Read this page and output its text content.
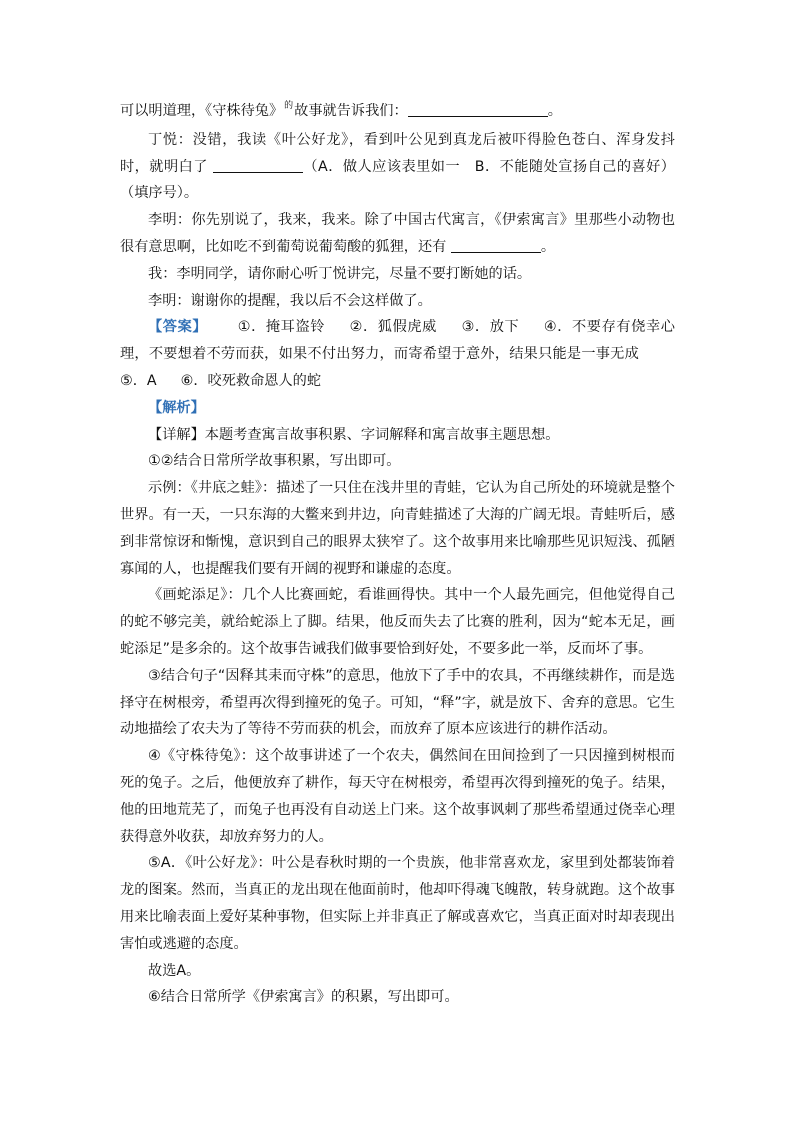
可以明道理，《守株待兔》$^的$故事就告诉我们：	。

丁悦：没错，我读《叶公好龙》，看到叶公见到真龙后被吓得脸色苍白、浑身发抖时，就明白了	（A．做人应该表里如一　B．不能随处宣扬自己的喜好）（填序号）。

李明：你先别说了，我来，我来。除了中国古代寓言，《伊索寓言》里那些小动物也很有意思啊，比如吃不到葡萄说葡萄酸的狐狸，还有	。

我：李明同学，请你耐心听丁悦讲完，尽量不要打断她的话。

李明：谢谢你的提醒，我以后不会这样做了。

【答案】 ①．掩耳盗铃 ②．狐假虎威 ③．放下 ④．不要存有侥幸心理，不要想着不劳而获，如果不付出努力，而寄希望于意外，结果只能是一事无成⑤．A ⑥．咬死救命恩人的蛇

【解析】

【详解】本题考查寓言故事积累、字词解释和寓言故事主题思想。

①②结合日常所学故事积累，写出即可。

示例：《井底之蛙》：描述了一只住在浅井里的青蛙，它认为自己所处的环境就是整个世界。有一天，一只东海的大鳖来到井边，向青蛙描述了大海的广阔无垠。青蛙听后，感到非常惊讶和惭愧，意识到自己的眼界太狭窄了。这个故事用来比喻那些见识短浅、孤陋寡闻的人，也提醒我们要有开阔的视野和谦虚的态度。

《画蛇添足》：几个人比赛画蛇，看谁画得快。其中一个人最先画完，但他觉得自己的蛇不够完美，就给蛇添上了脚。结果，他反而失去了比赛的胜利，因为“蛇本无足，画蛇添足”是多余的。这个故事告诫我们做事要恰到好处，不要多此一举，反而坏了事。

③结合句子“因释其耒而守株”的意思，他放下了手中的农具，不再继续耕作，而是选择守在树根旁，希望再次得到撞死的兔子。可知，“释”字，就是放下、舍弃的意思。它生动地描绘了农夫为了等待不劳而获的机会，而放弃了原本应该进行的耕作活动。

④《守株待兔》：这个故事讲述了一个农夫，偶然间在田间捡到了一只因撞到树根而死的兔子。之后，他便放弃了耕作，每天守在树根旁，希望再次得到撞死的兔子。结果，他的田地荒芜了，而兔子也再没有自动送上门来。这个故事讽刺了那些希望通过侥幸心理获得意外收获，却放弃努力的人。

⑤A．《叶公好龙》：叶公是春秋时期的一个贵族，他非常喜欢龙，家里到处都装饰着龙的图案。然而，当真正的龙出现在他面前时，他却吓得魂飞魄散，转身就跑。这个故事用来比喻表面上爱好某种事物，但实际上并非真正了解或喜欢它，当真正面对时却表现出害怕或逃避的态度。

故选A。

⑥结合日常所学《伊索寓言》的积累，写出即可。
